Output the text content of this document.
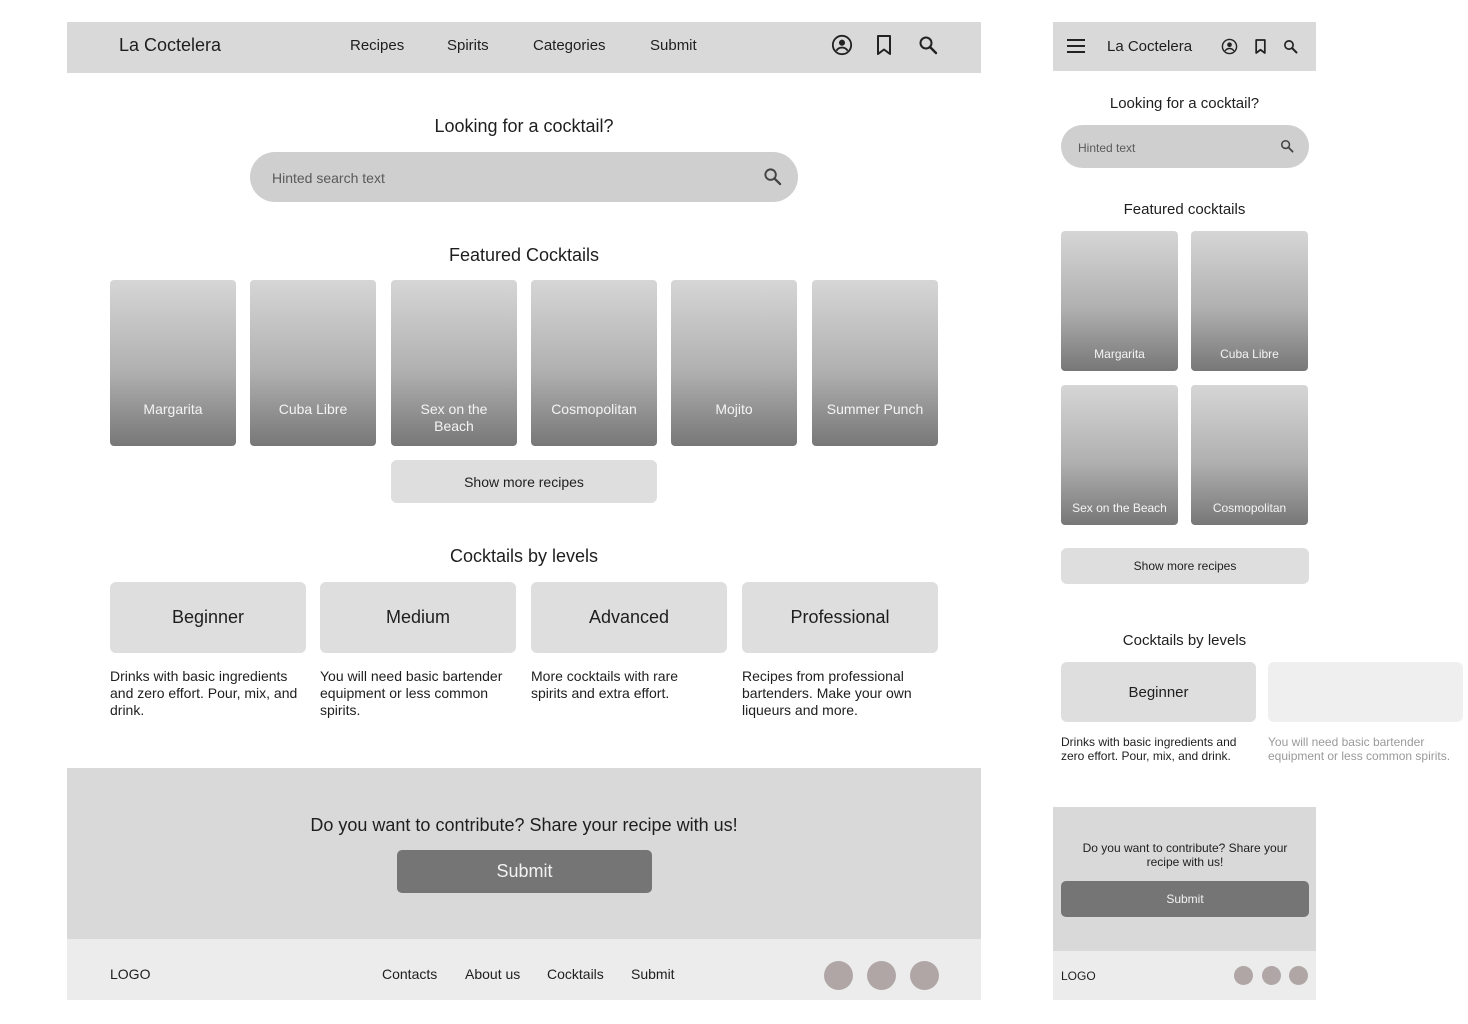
La Coctelera	Recipes	Spirits	Categories	Submit
Looking for a cocktail?
Hinted search text
Featured Cocktails
Margarita	Cuba Libre	Sex on the Beach
Cosmopolitan	Mojito	Summer Punch
Show more recipes
Cocktails by levels
Beginner	Medium	Advanced	Professional
Drinks with basic ingredients and zero effort. Pour, mix, and drink.
You will need basic bartender equipment or less common spirits.
More cocktails with rare spirits and extra effort.
Recipes from professional bartenders. Make your own liqueurs and more.
Do you want to contribute? Share your recipe with us!
Submit
LOGO	Contacts About us Cocktails Submit
La Coctelera
Looking for a cocktail?
Hinted text
Featured cocktails
Margarita	Cuba Libre
Sex on the Beach	Cosmopolitan
Show more recipes
Cocktails by levels
Beginner
Drinks with basic ingredients and zero effort. Pour, mix, and drink.
You will need basic bartender equipment or less common spirits.
Do you want to contribute? Share your recipe with us!
Submit
LOGO
